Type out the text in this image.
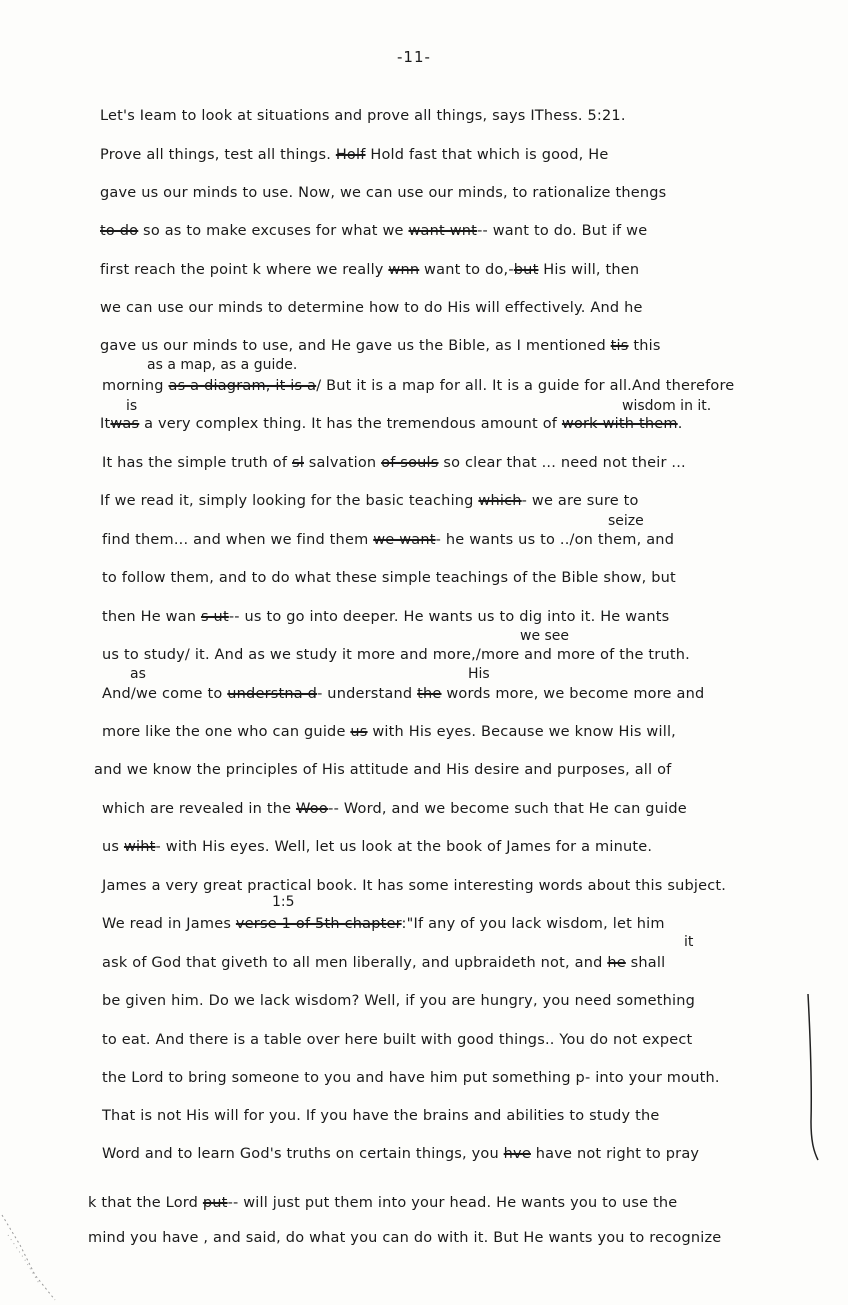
-11-
Let's Ieam to look at situations and prove all things, says IThess. 5:21.
Prove all things, test all things. Holf Hold fast that which is good, He
gave us our minds to use. Now, we can use our minds, to rationalize thengs
to do so as to make excuses for what we want wnt-- want to do. But if we
first reach the point k where we really wnn want to do,-but His will, then
we can use our minds to determine how to do His will effectively. And he
gave us our minds to use, and He gave us the Bible, as I mentioned tis this
morning as a diagram, it is a/ But it is a map for all. It is a guide for all.And therefore
Itwas a very complex thing. It has the tremendous amount of work with them.
It has the simple truth of sl salvation of souls so clear that ... need not their ...
If we read it, simply looking for the basic teaching which- we are sure to
find them... and when we find them we want- he wants us to ../on them, and
to follow them, and to do what these simple teachings of the Bible show, but
then He wan s ut-- us to go into deeper. He wants us to dig into it. He wants
us to study/ it. And as we study it more and more,/more and more of the truth.
And/we come to understna d- understand the words more, we become more and
more like the one who can guide us with His eyes. Because we know His will,
and we know the principles of His attitude and His desire and purposes, all of
which are revealed in the Woo-- Word, and we become such that He can guide
us wiht- with His eyes. Well, let us look at the book of James for a minute.
James a very great practical book. It has some interesting words about this subject.
We read in James verse 1 of 5th chapter:"If any of you lack wisdom, let him
ask of God that giveth to all men liberally, and upbraideth not, and he shall
be given him. Do we lack wisdom? Well, if you are hungry, you need something
to eat. And there is a table over here built with good things.. You do not expect
the Lord to bring someone to you and have him put something p- into your mouth.
That is not His will for you. If you have the brains and abilities to study the
Word and to learn God's truths on certain things, you hve have not right to pray
k that the Lord put-- will just put them into your head. He wants you to use the
mind you have , and said, do what you can do with it. But He wants you to recognize
as a map, as a guide.
is	wisdom in it.
seize
we see
as	His
1:5
it
